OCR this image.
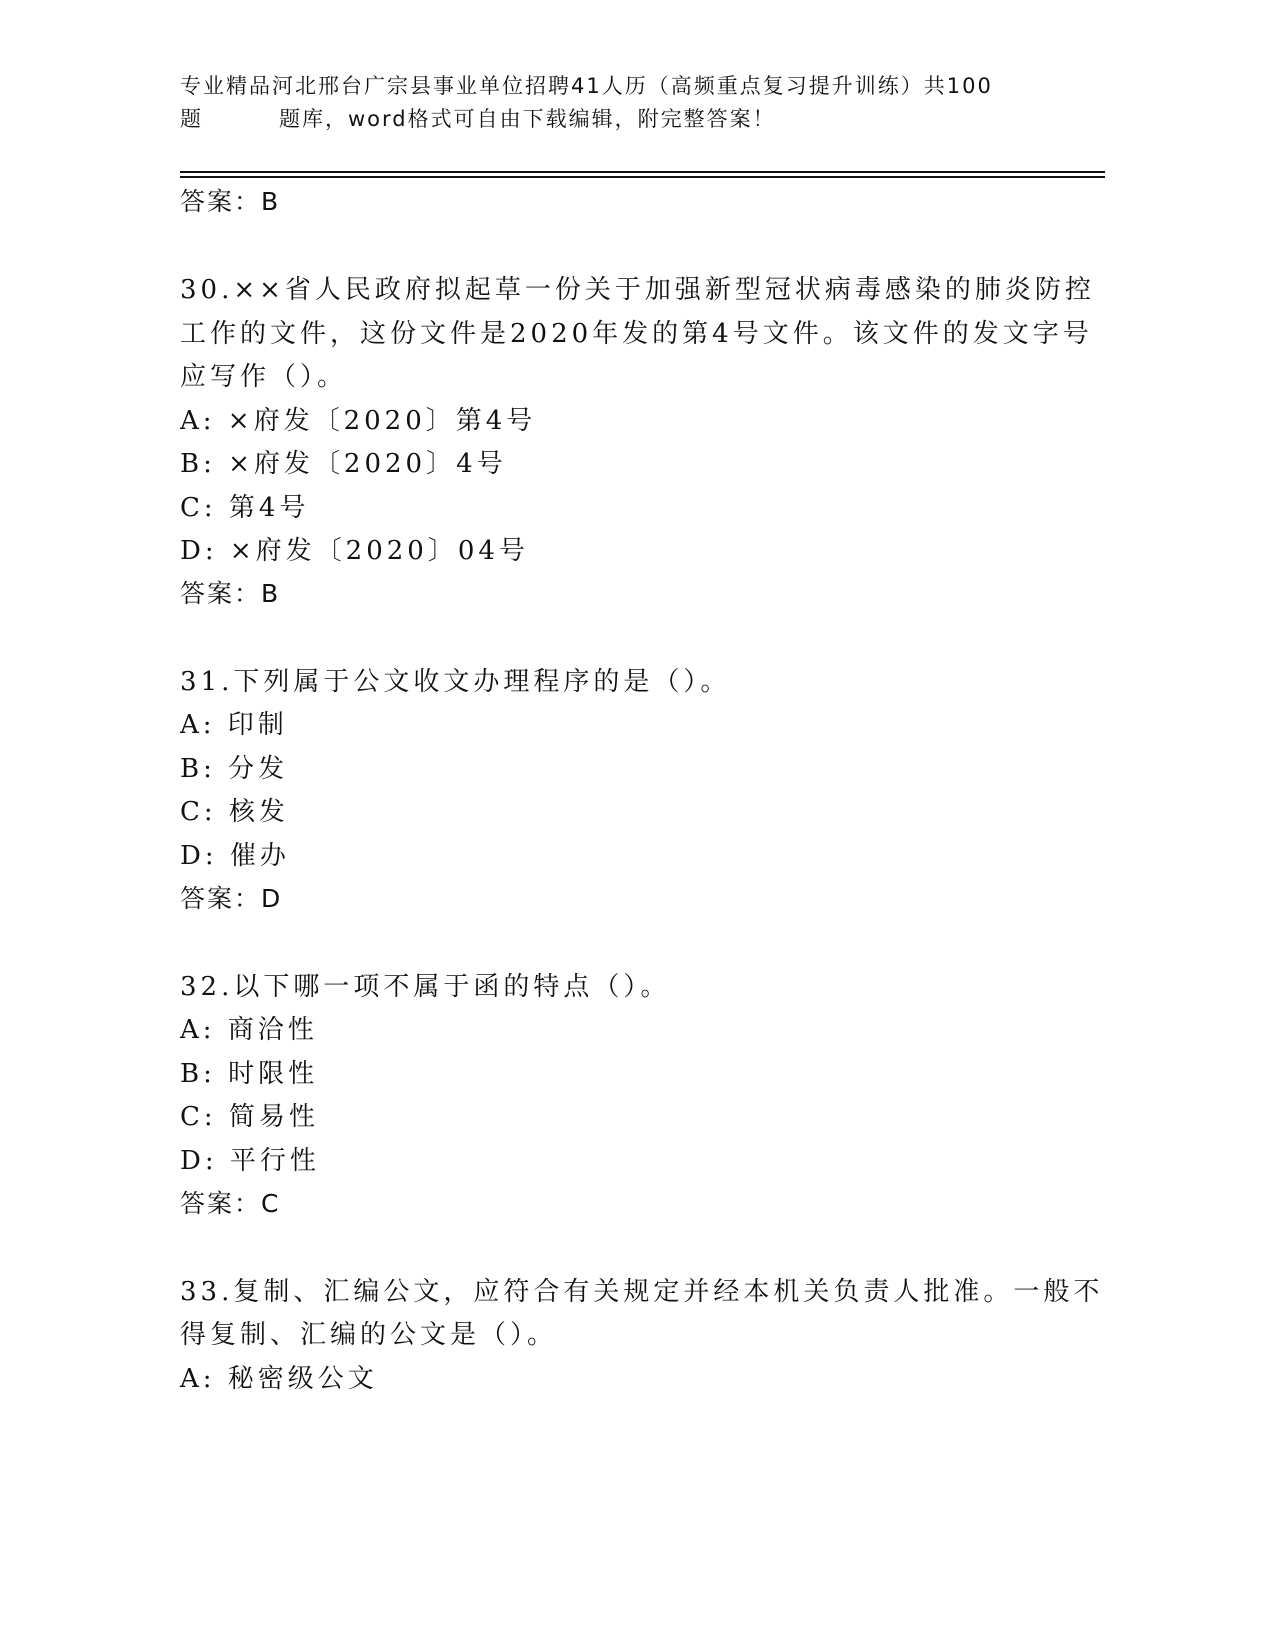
专业精品河北邢台广宗县事业单位招聘41人历（高频重点复习提升训练）共100
题	题库，word格式可自由下载编辑，附完整答案！
答案：B
30.××省人民政府拟起草一份关于加强新型冠状病毒感染的肺炎防控
工作的文件，这份文件是2020年发的第4号文件。该文件的发文字号
应写作（）。
A: ×府发〔2020〕第4号
B: ×府发〔2020〕4号
C: 第4号
D: ×府发〔2020〕04号
答案：B
31.下列属于公文收文办理程序的是（）。
A: 印制
B: 分发
C: 核发
D: 催办
答案：D
32.以下哪一项不属于函的特点（）。
A: 商洽性
B: 时限性
C: 简易性
D: 平行性
答案：C
33.复制、汇编公文，应符合有关规定并经本机关负责人批准。一般不
得复制、汇编的公文是（）。
A: 秘密级公文
